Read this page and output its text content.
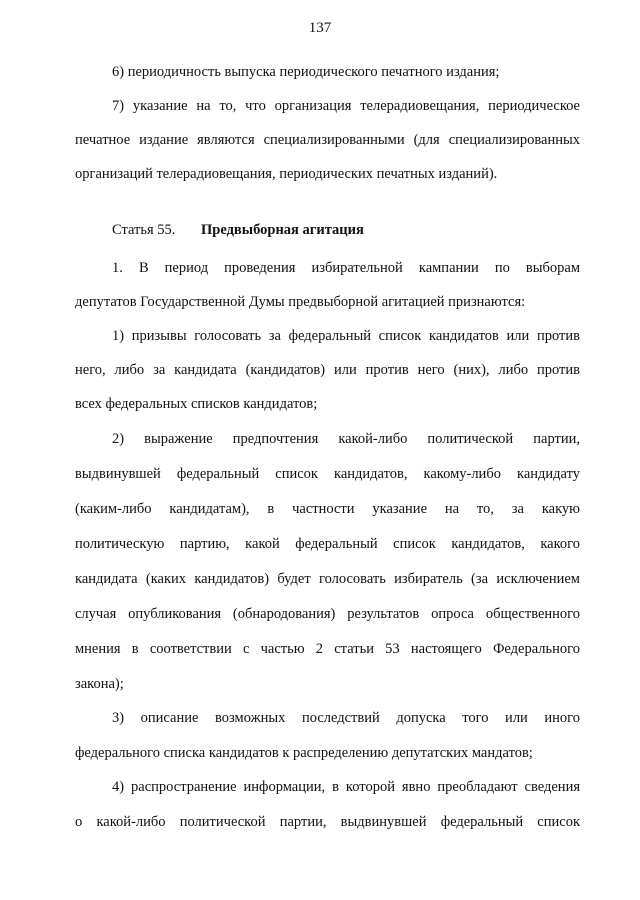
137
6) периодичность выпуска периодического печатного издания;
7) указание на то, что организация телерадиовещания, периодическое
печатное издание являются специализированными (для специализированных
организаций телерадиовещания, периодических печатных изданий).
Статья 55. Предвыборная агитация
1. В период проведения избирательной кампании по выборам
депутатов Государственной Думы предвыборной агитацией признаются:
1) призывы голосовать за федеральный список кандидатов или против
него, либо за кандидата (кандидатов) или против него (них), либо против
всех федеральных списков кандидатов;
2) выражение предпочтения какой-либо политической партии,
выдвинувшей федеральный список кандидатов, какому-либо кандидату
(каким-либо кандидатам), в частности указание на то, за какую
политическую партию, какой федеральный список кандидатов, какого
кандидата (каких кандидатов) будет голосовать избиратель (за исключением
случая опубликования (обнародования) результатов опроса общественного
мнения в соответствии с частью 2 статьи 53 настоящего Федерального
закона);
3) описание возможных последствий допуска того или иного
федерального списка кандидатов к распределению депутатских мандатов;
4) распространение информации, в которой явно преобладают сведения
о какой-либо политической партии, выдвинувшей федеральный список
